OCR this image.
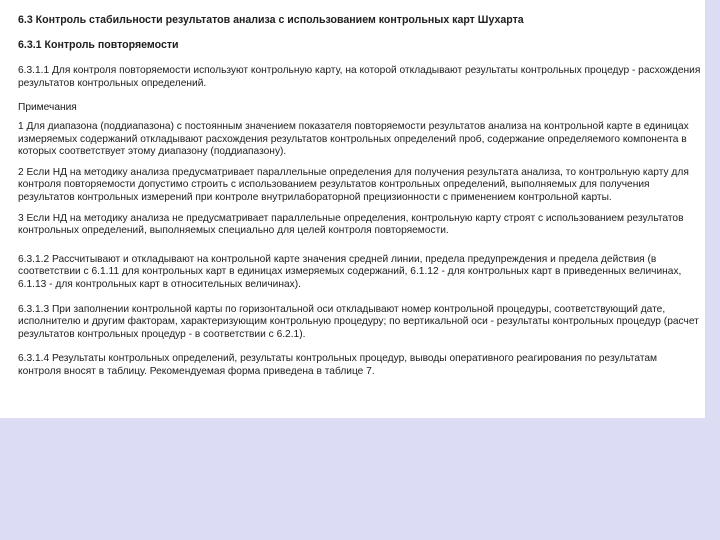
6.3 Контроль стабильности результатов анализа с использованием контрольных карт Шухарта
6.3.1 Контроль повторяемости
6.3.1.1 Для контроля повторяемости используют контрольную карту, на которой откладывают результаты контрольных процедур - расхождения результатов контрольных определений.
Примечания
1 Для диапазона (поддиапазона) с постоянным значением показателя повторяемости результатов анализа на контрольной карте в единицах измеряемых содержаний откладывают расхождения результатов контрольных определений проб, содержание определяемого компонента в которых соответствует этому диапазону (поддиапазону).
2 Если НД на методику анализа предусматривает параллельные определения для получения результата анализа, то контрольную карту для контроля повторяемости допустимо строить с использованием результатов контрольных определений, выполняемых для получения результатов контрольных измерений при контроле внутрилабораторной прецизионности с применением контрольной карты.
3 Если НД на методику анализа не предусматривает параллельные определения, контрольную карту строят с использованием результатов контрольных определений, выполняемых специально для целей контроля повторяемости.
6.3.1.2 Рассчитывают и откладывают на контрольной карте значения средней линии, предела предупреждения и предела действия (в соответствии с 6.1.11 для контрольных карт в единицах измеряемых содержаний, 6.1.12 - для контрольных карт в приведенных величинах, 6.1.13 - для контрольных карт в относительных величинах).
6.3.1.3 При заполнении контрольной карты по горизонтальной оси откладывают номер контрольной процедуры, соответствующий дате, исполнителю и другим факторам, характеризующим контрольную процедуру; по вертикальной оси - результаты контрольных процедур (расчет результатов контрольных процедур - в соответствии с 6.2.1).
6.3.1.4 Результаты контрольных определений, результаты контрольных процедур, выводы оперативного реагирования по результатам контроля вносят в таблицу. Рекомендуемая форма приведена в таблице 7.
